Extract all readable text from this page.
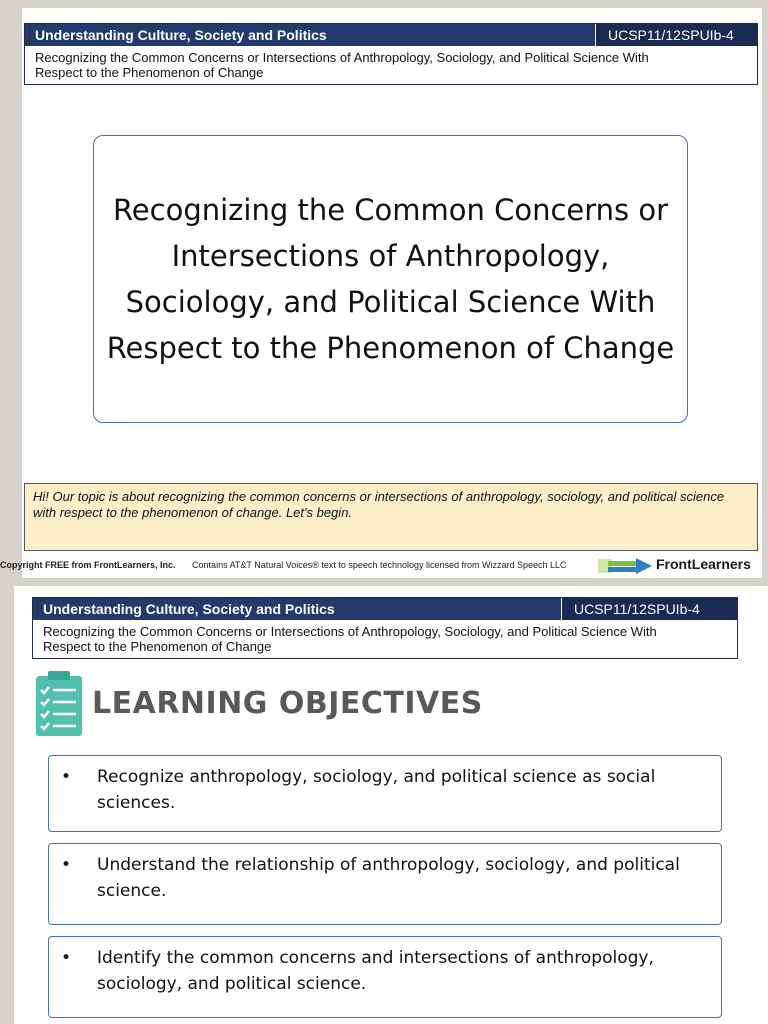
Understanding Culture, Society and Politics	UCSP11/12SPUIb-4
Recognizing the Common Concerns or Intersections of Anthropology, Sociology, and Political Science With
Respect to the Phenomenon of Change
Recognizing the Common Concerns or Intersections of Anthropology, Sociology, and Political Science With Respect to the Phenomenon of Change
Hi! Our topic is about recognizing the common concerns or intersections of anthropology, sociology, and political science with respect to the phenomenon of change. Let's begin.
Copyright FREE from FrontLearners, Inc. Contains AT&T Natural Voices® text to speech technology licensed from Wizzard Speech LLC	FrontLearners
Understanding Culture, Society and Politics	UCSP11/12SPUIb-4
Recognizing the Common Concerns or Intersections of Anthropology, Sociology, and Political Science With
Respect to the Phenomenon of Change
LEARNING OBJECTIVES
• Recognize anthropology, sociology, and political science as social sciences.
• Understand the relationship of anthropology, sociology, and political science.
• Identify the common concerns and intersections of anthropology, sociology, and political science.
